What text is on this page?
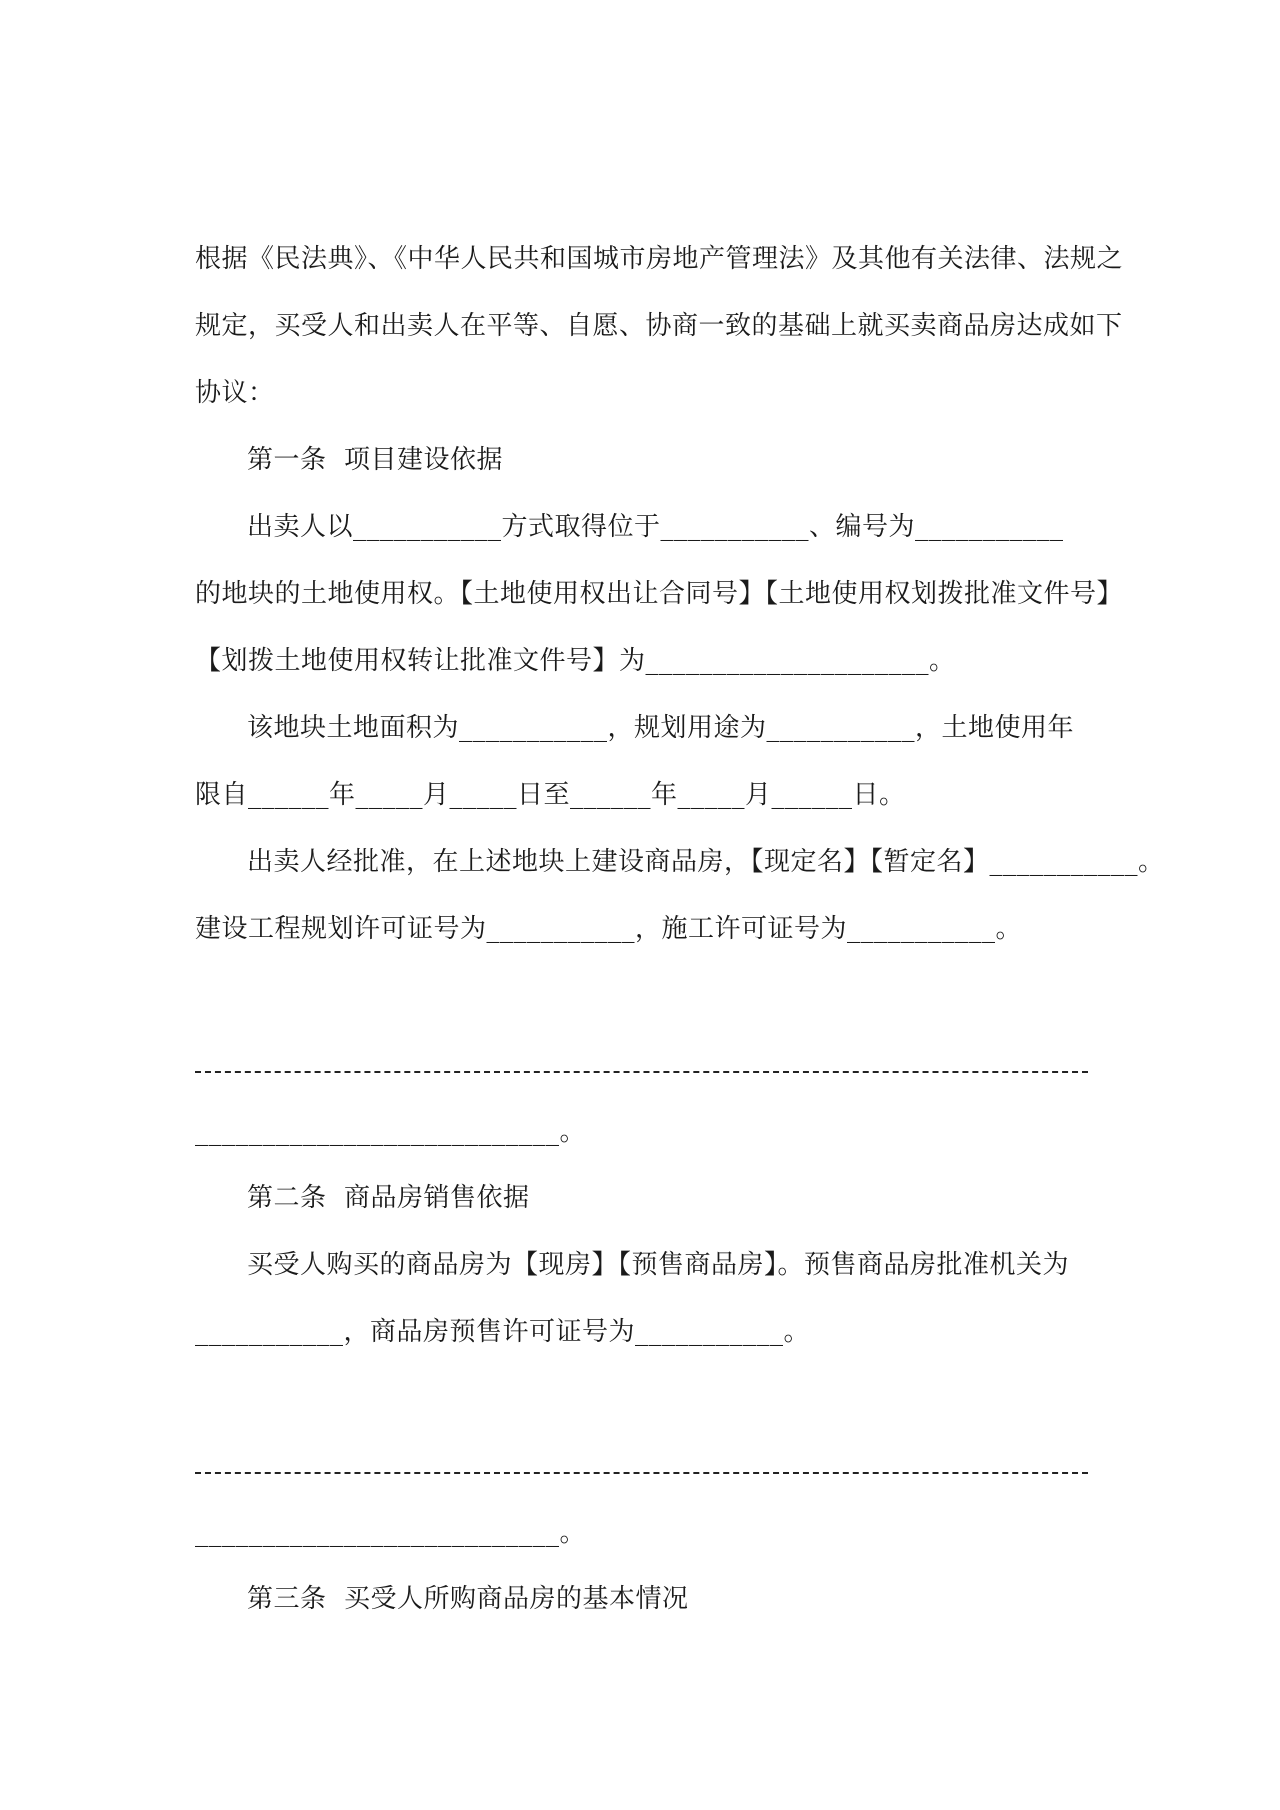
根据《民法典》、《中华人民共和国城市房地产管理法》及其他有关法律、法规之
规定，买受人和出卖人在平等、自愿、协商一致的基础上就买卖商品房达成如下
协议：
第一条  项目建设依据
出卖人以___________方式取得位于___________、编号为___________
的地块的土地使用权。【土地使用权出让合同号】【土地使用权划拨批准文件号】
【划拨土地使用权转让批准文件号】为_____________________。
该地块土地面积为___________，规划用途为___________，土地使用年
限自______年_____月_____日至______年_____月______日。
出卖人经批准，在上述地块上建设商品房，【现定名】【暂定名】___________。
建设工程规划许可证号为___________，施工许可证号为___________。
___________________________。
第二条  商品房销售依据
买受人购买的商品房为【现房】【预售商品房】。预售商品房批准机关为
___________，商品房预售许可证号为___________。
___________________________。
第三条  买受人所购商品房的基本情况
